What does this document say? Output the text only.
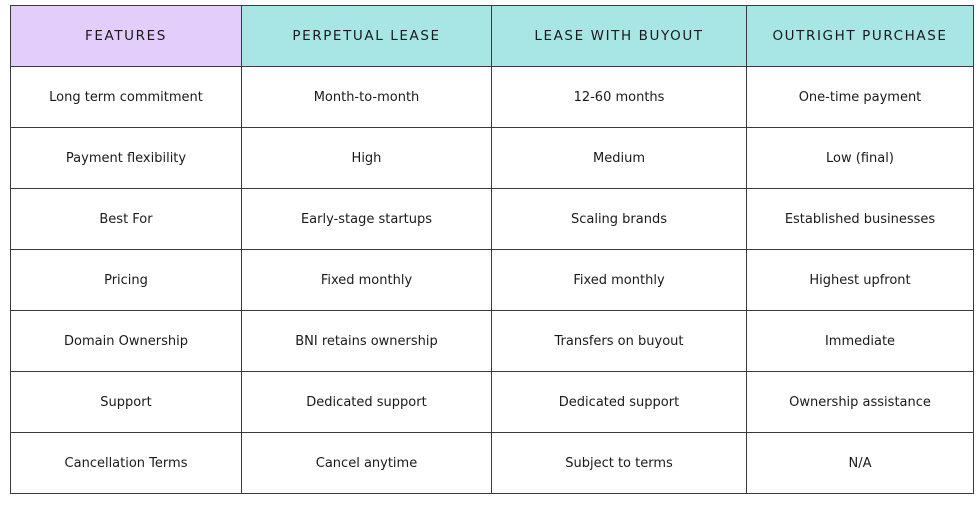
FEATURES	PERPETUAL LEASE	LEASE WITH BUYOUT	OUTRIGHT PURCHASE
Long term commitment	Month-to-month	12-60 months	One-time payment
Payment flexibility	High	Medium	Low (final)
Best For	Early-stage startups	Scaling brands	Established businesses
Pricing	Fixed monthly	Fixed monthly	Highest upfront
Domain Ownership	BNI retains ownership	Transfers on buyout	Immediate
Support	Dedicated support	Dedicated support	Ownership assistance
Cancellation Terms	Cancel anytime	Subject to terms	N/A
